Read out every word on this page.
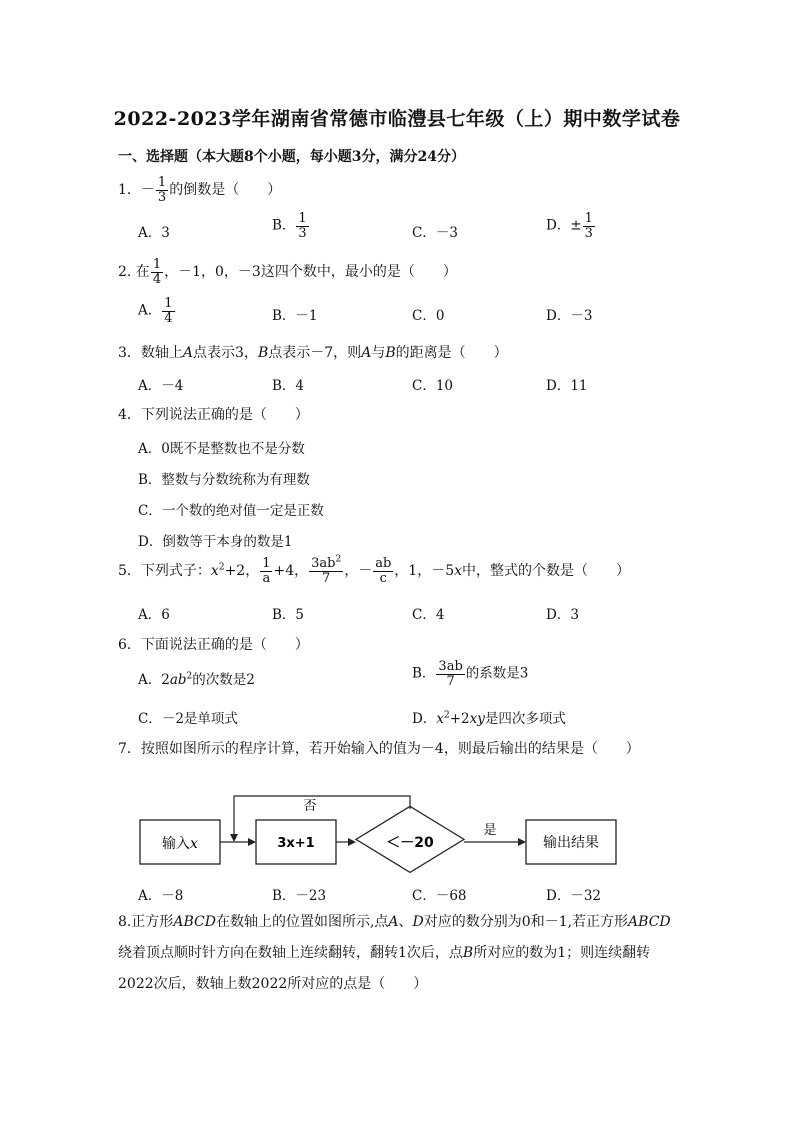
2022-2023学年湖南省常德市临澧县七年级（上）期中数学试卷
一、选择题（本大题8个小题，每小题3分，满分24分）
1．－ $\frac{1}{3}$ 的倒数是（　　）
A．3	B． $\frac{1}{3}$	C．－3	D．± $\frac{1}{3}$
2. 在 $\frac{1}{4}$ ，－1，0，－3这四个数中，最小的是（　　）
A． $\frac{1}{4}$	B．－1	C．0	D．－3
3．数轴上A点表示3，B点表示－7，则A与B的距离是（　　）
A．－4	B．4	C．10	D．11
4．下列说法正确的是（　　）
A．0既不是整数也不是分数
B．整数与分数统称为有理数
C．一个数的绝对值一定是正数
D．倒数等于本身的数是1
5．下列式子：$x^2+2$， $\frac{1}{a} +4$， $\frac{3ab^2}{7}$ ，－ $\frac{ab}{c}$ ，1，－5x中，整式的个数是（　　）
A．6	B．5	C．4	D．3
6．下面说法正确的是（　　）
A．$2ab^2$的次数是2	B． $\frac{3ab}{7}$ 的系数是3
C．－2是单项式	D．$x^2+2xy$是四次多项式
7．按照如图所示的程序计算，若开始输入的值为－4，则最后输出的结果是（　　）
输入x	3x+1	＜－20
是
输出结果
否
A．－8	B．－23	C．－68	D．－32
8.正方形ABCD在数轴上的位置如图所示,点A、D对应的数分别为0和－1,若正方形ABCD绕着顶点顺时针方向在数轴上连续翻转，翻转1次后，点B所对应的数为1；则连续翻转2022次后，数轴上数2022所对应的点是（　　）
